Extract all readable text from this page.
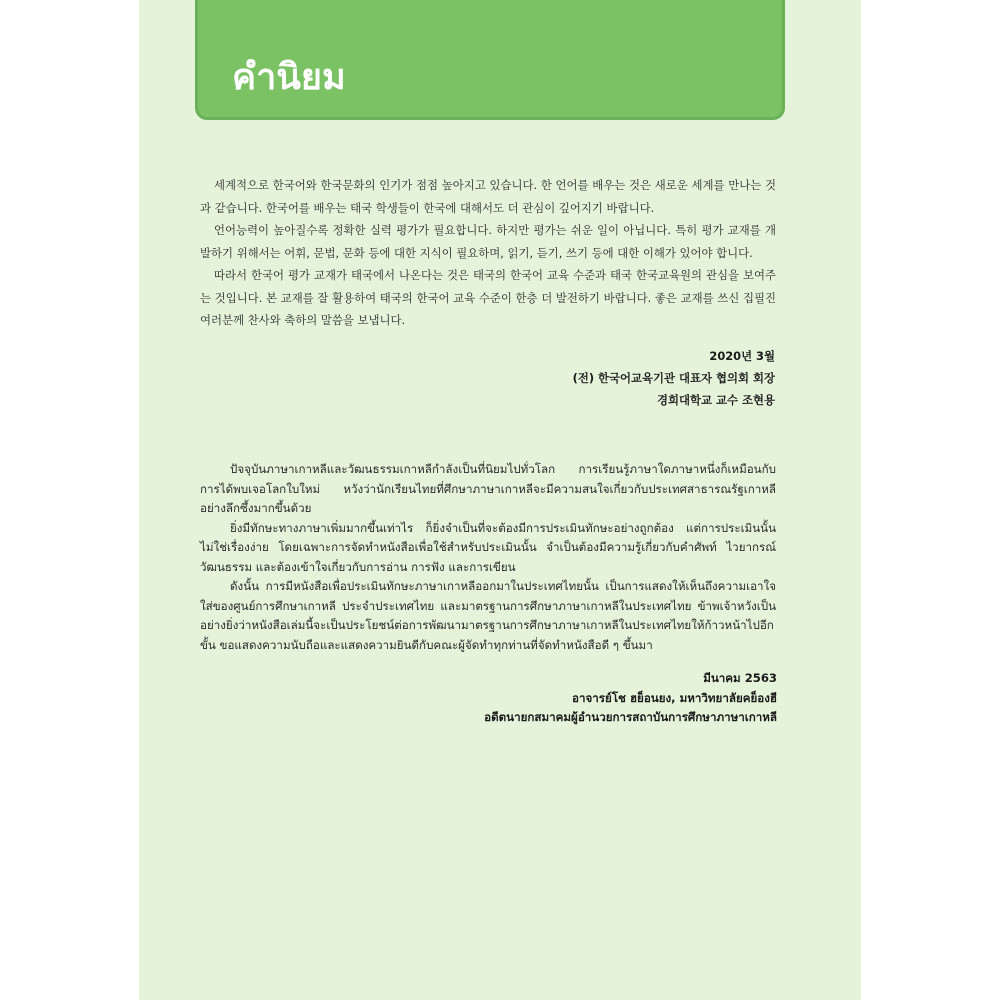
คำนิยม

세계적으로 한국어와 한국문화의 인기가 점점 높아지고 있습니다. 한 언어를 배우는 것은 새로운 세계를 만나는 것과 같습니다. 한국어를 배우는 태국 학생들이 한국에 대해서도 더 관심이 깊어지기 바랍니다.

언어능력이 높아질수록 정확한 실력 평가가 필요합니다. 하지만 평가는 쉬운 일이 아닙니다. 특히 평가 교재를 개발하기 위해서는 어휘, 문법, 문화 등에 대한 지식이 필요하며, 읽기, 듣기, 쓰기 등에 대한 이해가 있어야 합니다.

따라서 한국어 평가 교재가 태국에서 나온다는 것은 태국의 한국어 교육 수준과 태국 한국교육원의 관심을 보여주는 것입니다. 본 교재를 잘 활용하여 태국의 한국어 교육 수준이 한층 더 발전하기 바랍니다. 좋은 교재를 쓰신 집필진 여러분께 찬사와 축하의 말씀을 보냅니다.

2020년 3월
(전) 한국어교육기관 대표자 협의회 회장
경희대학교 교수 조현용

ปัจจุบันภาษาเกาหลีและวัฒนธรรมเกาหลีกำลังเป็นที่นิยมไปทั่วโลก การเรียนรู้ภาษาใดภาษาหนึ่งก็เหมือนกับการได้พบเจอโลกใบใหม่ หวังว่านักเรียนไทยที่ศึกษาภาษาเกาหลีจะมีความสนใจเกี่ยวกับประเทศสาธารณรัฐเกาหลีอย่างลึกซึ้งมากขึ้นด้วย

ยิ่งมีทักษะทางภาษาเพิ่มมากขึ้นเท่าไร ก็ยิ่งจำเป็นที่จะต้องมีการประเมินทักษะอย่างถูกต้อง แต่การประเมินนั้นไม่ใช่เรื่องง่าย โดยเฉพาะการจัดทำหนังสือเพื่อใช้สำหรับประเมินนั้น จำเป็นต้องมีความรู้เกี่ยวกับคำศัพท์ ไวยากรณ์ วัฒนธรรม และต้องเข้าใจเกี่ยวกับการอ่าน การฟัง และการเขียน

ดังนั้น การมีหนังสือเพื่อประเมินทักษะภาษาเกาหลีออกมาในประเทศไทยนั้น เป็นการแสดงให้เห็นถึงความเอาใจใส่ของศูนย์การศึกษาเกาหลี ประจำประเทศไทย และมาตรฐานการศึกษาภาษาเกาหลีในประเทศไทย ข้าพเจ้าหวังเป็นอย่างยิ่งว่าหนังสือเล่มนี้จะเป็นประโยชน์ต่อการพัฒนามาตรฐานการศึกษาภาษาเกาหลีในประเทศไทยให้ก้าวหน้าไปอีกขั้น ขอแสดงความนับถือและแสดงความยินดีกับคณะผู้จัดทำทุกท่านที่จัดทำหนังสือดี ๆ ขึ้นมา

มีนาคม 2563
อาจารย์โช ฮย็อนยง, มหาวิทยาลัยคย็องฮี
อดีตนายกสมาคมผู้อำนวยการสถาบันการศึกษาภาษาเกาหลี
